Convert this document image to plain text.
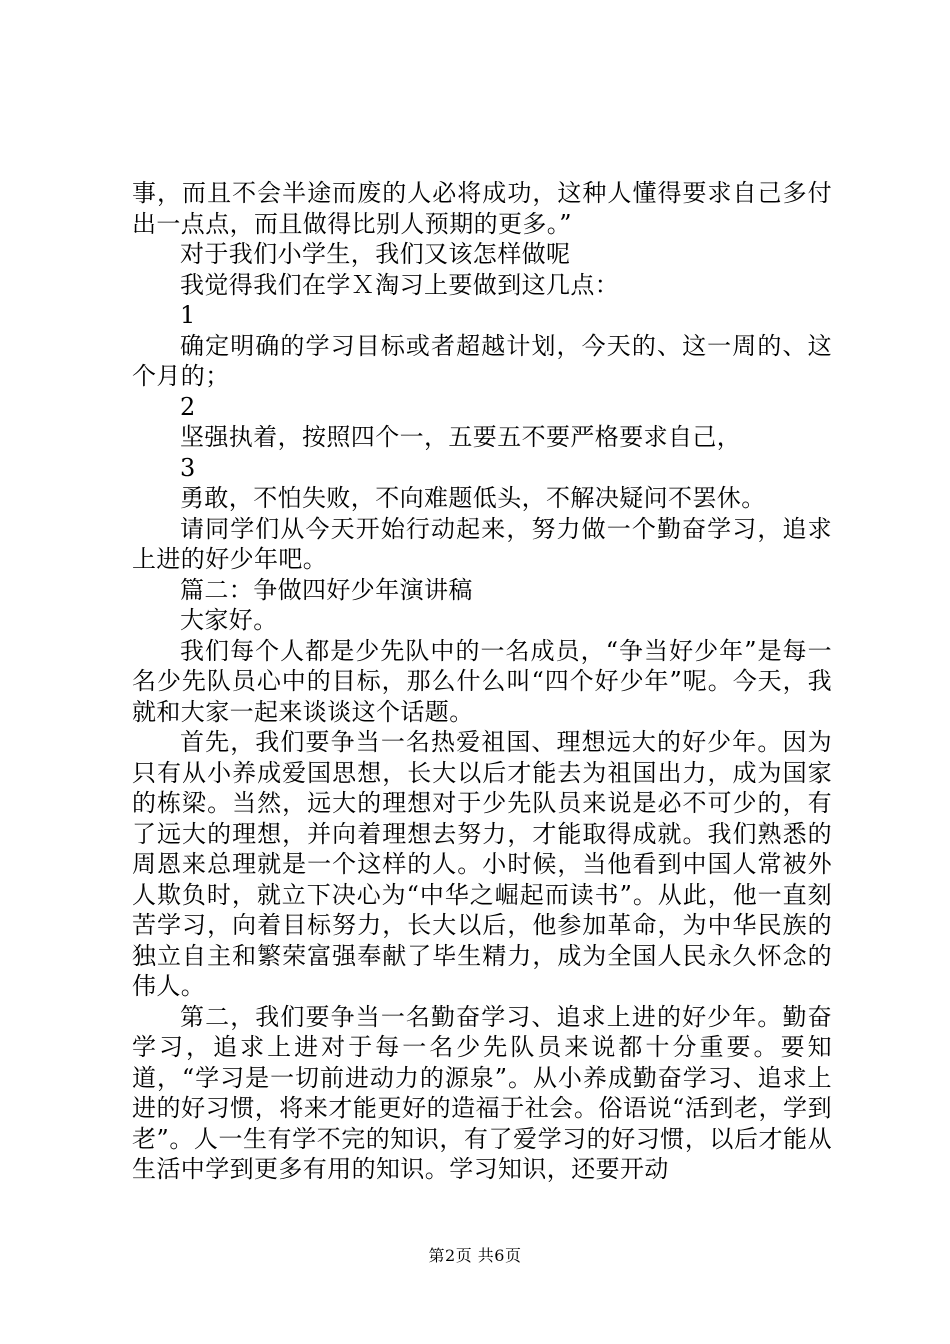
事，而且不会半途而废的人必将成功，这种人懂得要求自己多付出一点点，而且做得比别人预期的更多。”

对于我们小学生，我们又该怎样做呢

我觉得我们在学Ｘ淘习上要做到这几点：

1

确定明确的学习目标或者超越计划，今天的、这一周的、这个月的；

2

坚强执着，按照四个一，五要五不要严格要求自己，

3

勇敢，不怕失败，不向难题低头，不解决疑问不罢休。

请同学们从今天开始行动起来，努力做一个勤奋学习，追求上进的好少年吧。

篇二：争做四好少年演讲稿

大家好。

我们每个人都是少先队中的一名成员，“争当好少年”是每一名少先队员心中的目标，那么什么叫“四个好少年”呢。今天，我就和大家一起来谈谈这个话题。

首先，我们要争当一名热爱祖国、理想远大的好少年。因为只有从小养成爱国思想，长大以后才能去为祖国出力，成为国家的栋梁。当然，远大的理想对于少先队员来说是必不可少的，有了远大的理想，并向着理想去努力，才能取得成就。我们熟悉的周恩来总理就是一个这样的人。小时候，当他看到中国人常被外人欺负时，就立下决心为“中华之崛起而读书”。从此，他一直刻苦学习，向着目标努力，长大以后，他参加革命，为中华民族的独立自主和繁荣富强奉献了毕生精力，成为全国人民永久怀念的伟人。

第二，我们要争当一名勤奋学习、追求上进的好少年。勤奋学习，追求上进对于每一名少先队员来说都十分重要。要知道，“学习是一切前进动力的源泉”。从小养成勤奋学习、追求上进的好习惯，将来才能更好的造福于社会。俗语说“活到老，学到老”。人一生有学不完的知识，有了爱学习的好习惯，以后才能从生活中学到更多有用的知识。学习知识，还要开动

第2页 共6页
